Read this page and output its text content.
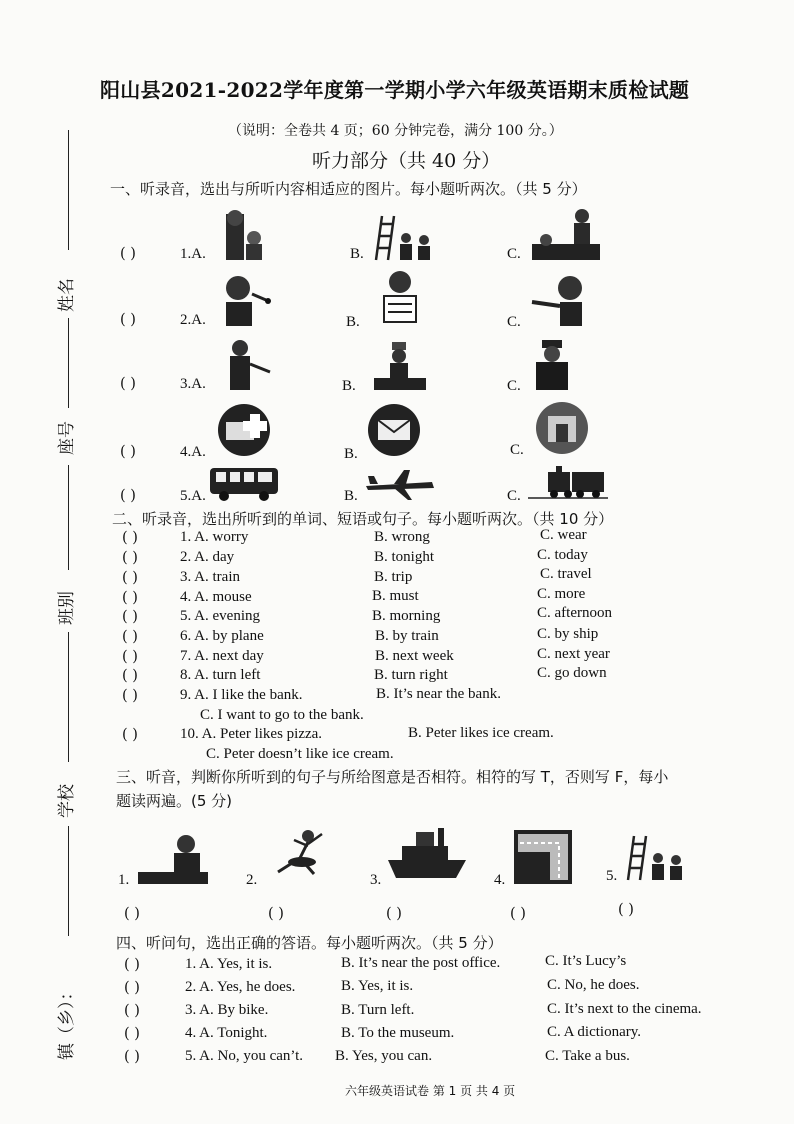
阳山县2021-2022学年度第一学期小学六年级英语期末质检试题
（说明：全卷共 4 页；60 分钟完卷，满分 100 分。）
听力部分（共 40 分）
姓名
座号
班别
学校
镇（乡）：
一、听录音，选出与所听内容相适应的图片。每小题听两次。（共 5 分）
( )	1.A.	B.	C.
( )	2.A.	B.	C.
( )	3.A.	B.	C.
( )	4.A.	B.	C.
( )	5.A.	B.	C.
二、听录音，选出所听到的单词、短语或句子。每小题听两次。（共 10 分）
( )	1. A. worry	B. wrong	C. wear
( )	2. A. day	B. tonight	C. today
( )	3. A. train	B. trip	C. travel
( )	4. A. mouse	B. must	C. more
( )	5. A. evening	B. morning	C. afternoon
( )	6. A. by plane	B. by train	C. by ship
( )	7. A. next day	B. next week	C. next year
( )	8. A. turn left	B. turn right	C. go down
( )	9. A. I like the bank.	B. It’s near the bank.
C. I want to go to the bank.
( )	10. A. Peter likes pizza.	B. Peter likes ice cream.
C. Peter doesn’t like ice cream.
三、听音，判断你所听到的句子与所给图意是否相符。相符的写 T，否则写 F，每小
题读两遍。(5 分)
1.	2.	3.	4.	5.
( )	( )	( )	( )	( )
四、听问句，选出正确的答语。每小题听两次。（共 5 分）
( )	1. A. Yes, it is.	B. It’s near the post office.	C. It’s Lucy’s
( )	2. A. Yes, he does.	B. Yes, it is.	C. No, he does.
( )	3. A. By bike.	B. Turn left.	C. It’s next to the cinema.
( )	4. A. Tonight.	B. To the museum.	C. A dictionary.
( )	5. A. No, you can’t. B. Yes, you can.	C. Take a bus.
六年级英语试卷 第 1 页 共 4 页
